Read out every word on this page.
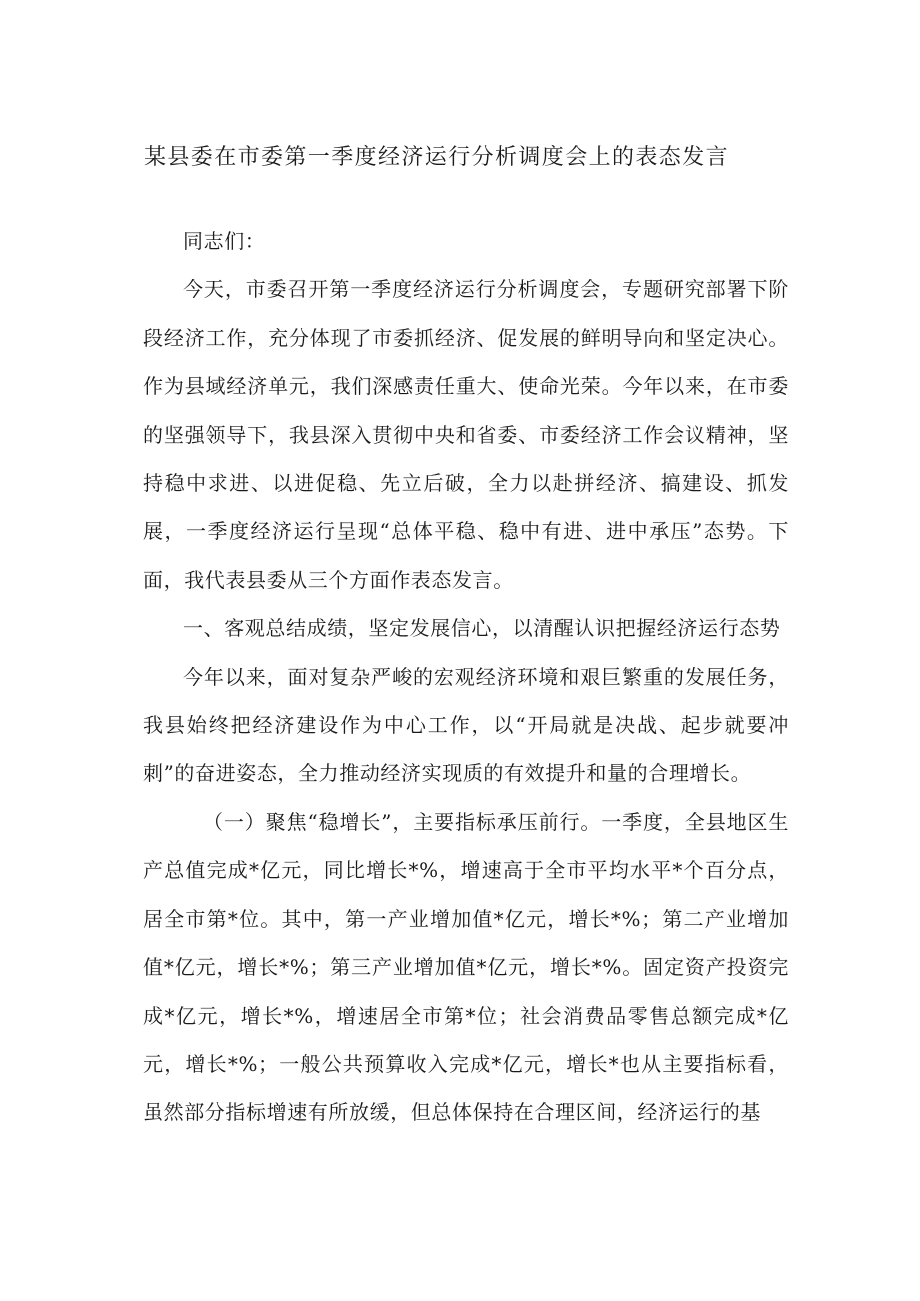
某县委在市委第一季度经济运行分析调度会上的表态发言

同志们：

今天，市委召开第一季度经济运行分析调度会，专题研究部署下阶段经济工作，充分体现了市委抓经济、促发展的鲜明导向和坚定决心。作为县域经济单元，我们深感责任重大、使命光荣。今年以来，在市委的坚强领导下，我县深入贯彻中央和省委、市委经济工作会议精神，坚持稳中求进、以进促稳、先立后破，全力以赴拼经济、搞建设、抓发展，一季度经济运行呈现“总体平稳、稳中有进、进中承压”态势。下面，我代表县委从三个方面作表态发言。

一、客观总结成绩，坚定发展信心，以清醒认识把握经济运行态势

今年以来，面对复杂严峻的宏观经济环境和艰巨繁重的发展任务，我县始终把经济建设作为中心工作，以“开局就是决战、起步就要冲刺”的奋进姿态，全力推动经济实现质的有效提升和量的合理增长。

（一）聚焦“稳增长”，主要指标承压前行。一季度，全县地区生产总值完成*亿元，同比增长*%，增速高于全市平均水平*个百分点，居全市第*位。其中，第一产业增加值*亿元，增长*%；第二产业增加值*亿元，增长*%；第三产业增加值*亿元，增长*%。固定资产投资完成*亿元，增长*%，增速居全市第*位；社会消费品零售总额完成*亿元，增长*%；一般公共预算收入完成*亿元，增长*也从主要指标看，虽然部分指标增速有所放缓，但总体保持在合理区间，经济运行的基
